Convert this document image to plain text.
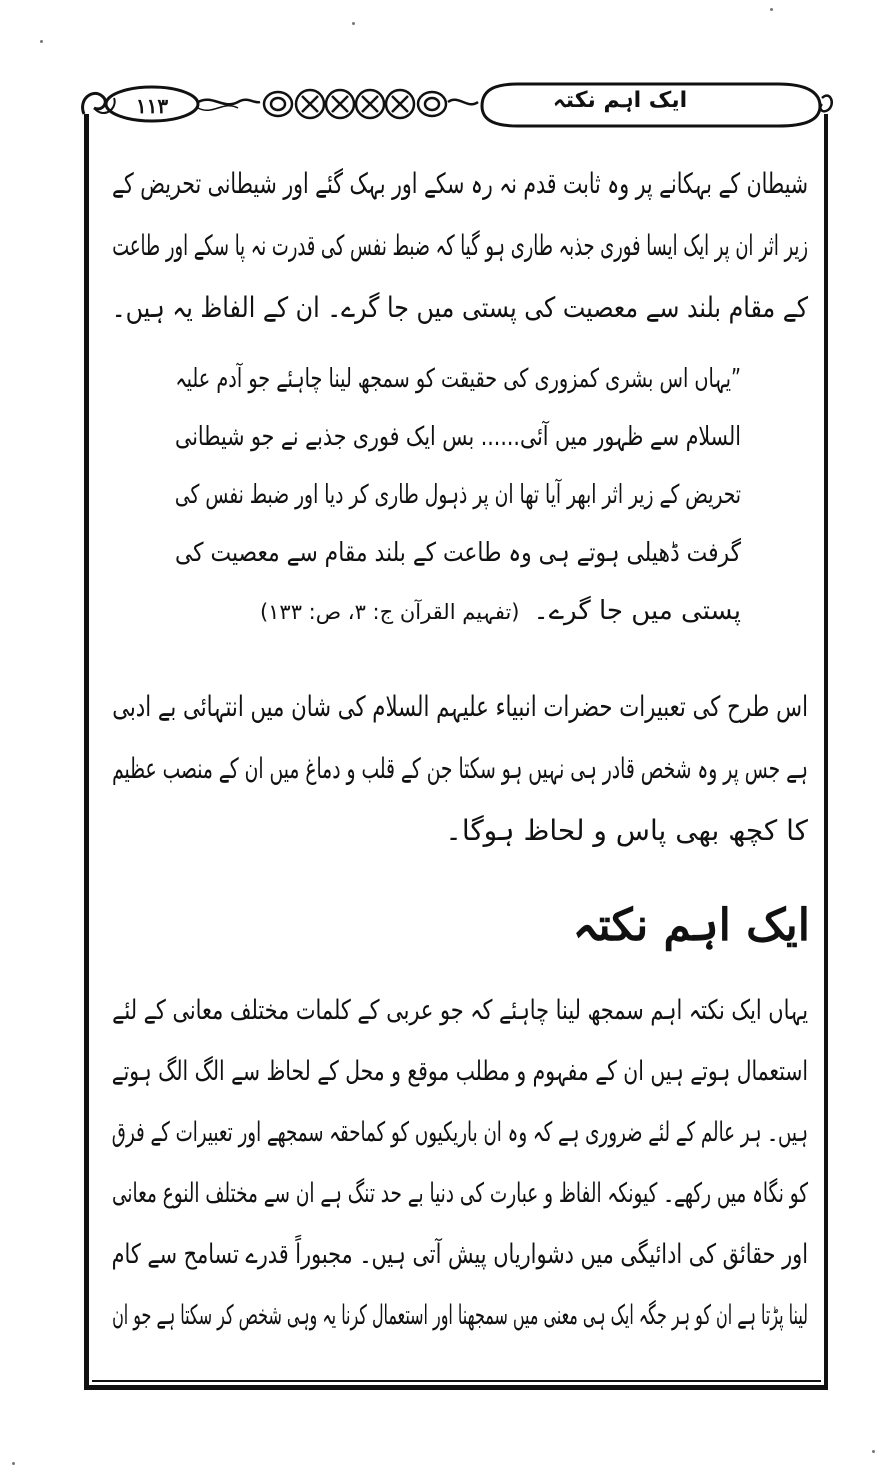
۱۱۳	ایک اہم نکتہ
شیطان کے بہکانے پر وہ ثابت قدم نہ رہ سکے اور بہک گئے اور شیطانی تحریض کے
زیر اثر ان پر ایک ایسا فوری جذبہ طاری ہو گیا کہ ضبط نفس کی قدرت نہ پا سکے اور طاعت
کے مقام بلند سے معصیت کی پستی میں جا گرے۔ ان کے الفاظ یہ ہیں۔
”یہاں اس بشری کمزوری کی حقیقت کو سمجھ لینا چاہئے جو آدم علیہ
السلام سے ظہور میں آئی...... بس ایک فوری جذبے نے جو شیطانی
تحریض کے زیر اثر ابھر آیا تھا ان پر ذہول طاری کر دیا اور ضبط نفس کی
گرفت ڈھیلی ہوتے ہی وہ طاعت کے بلند مقام سے معصیت کی
پستی میں جا گرے۔(تفہیم القرآن ج: ۳، ص: ۱۳۳)
اس طرح کی تعبیرات حضرات انبیاء علیہم السلام کی شان میں انتہائی بے ادبی
ہے جس پر وہ شخص قادر ہی نہیں ہو سکتا جن کے قلب و دماغ میں ان کے منصب عظیم
کا کچھ بھی پاس و لحاظ ہوگا۔
ایک اہم نکتہ
یہاں ایک نکتہ اہم سمجھ لینا چاہئے کہ جو عربی کے کلمات مختلف معانی کے لئے
استعمال ہوتے ہیں ان کے مفہوم و مطلب موقع و محل کے لحاظ سے الگ الگ ہوتے
ہیں۔ ہر عالم کے لئے ضروری ہے کہ وہ ان باریکیوں کو کماحقہ سمجھے اور تعبیرات کے فرق
کو نگاہ میں رکھے۔ کیونکہ الفاظ و عبارت کی دنیا بے حد تنگ ہے ان سے مختلف النوع معانی
اور حقائق کی ادائیگی میں دشواریاں پیش آتی ہیں۔ مجبوراً قدرے تسامح سے کام
لینا پڑتا ہے ان کو ہر جگہ ایک ہی معنی میں سمجھنا اور استعمال کرنا یہ وہی شخص کر سکتا ہے جو ان
